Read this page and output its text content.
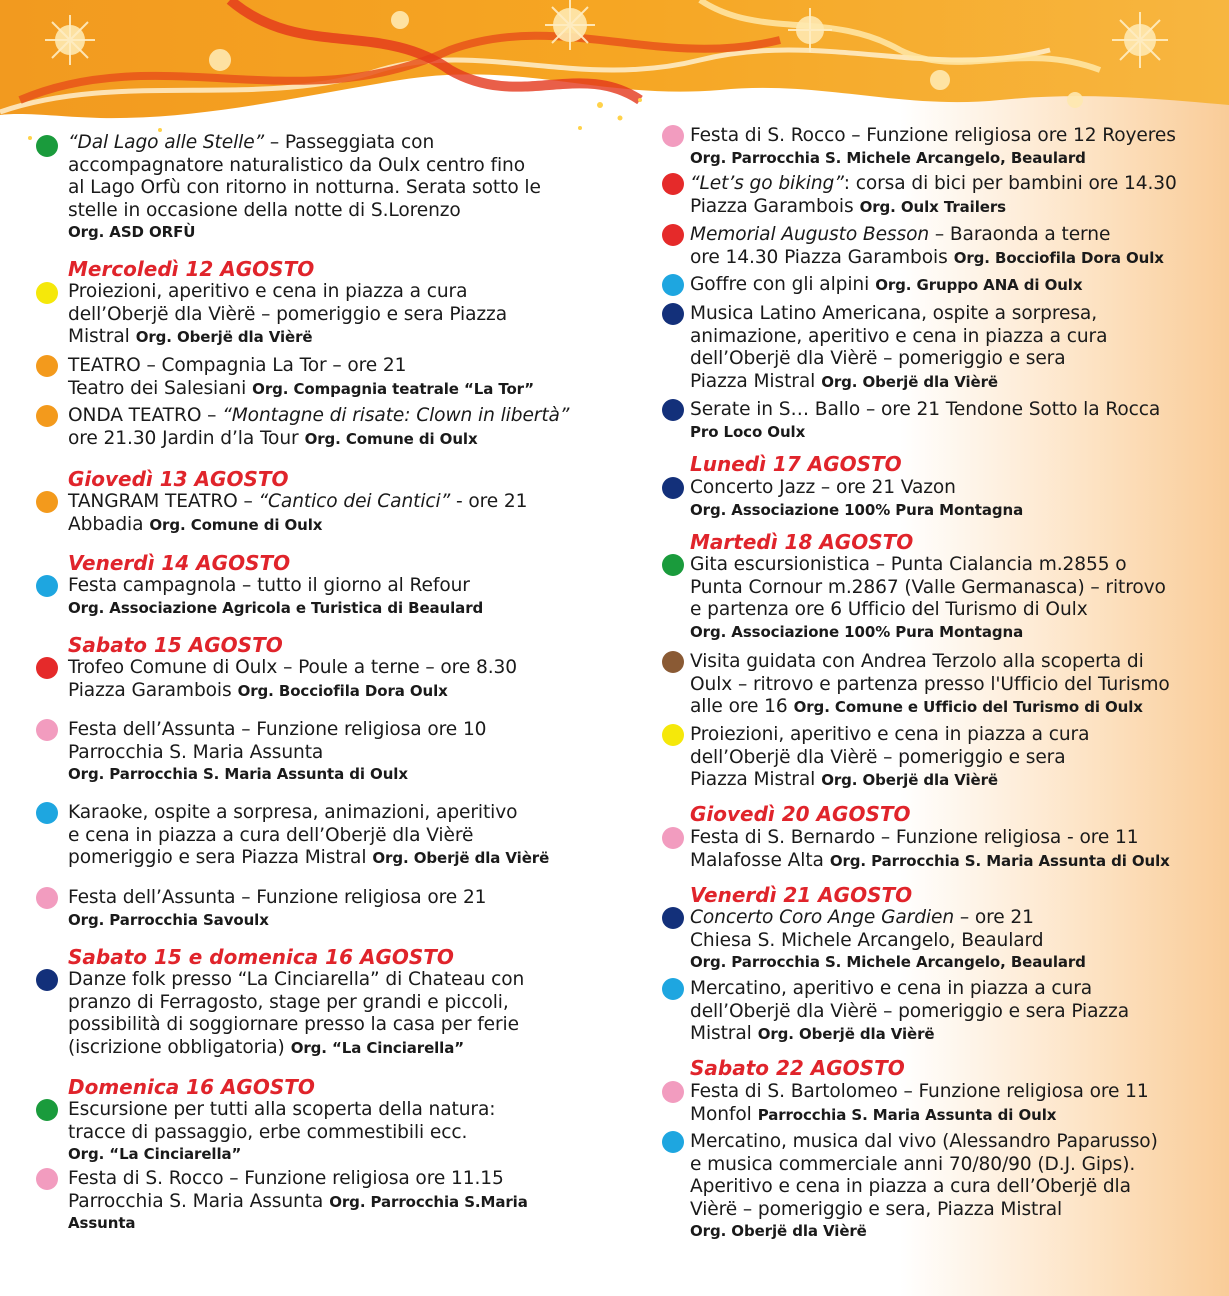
“Dal Lago alle Stelle” – Passeggiata con
accompagnatore naturalistico da Oulx centro fino
al Lago Orfù con ritorno in notturna. Serata sotto le
stelle in occasione della notte di S.Lorenzo
Org. ASD ORFÙ
Mercoledì 12 AGOSTO
Proiezioni, aperitivo e cena in piazza a cura
dell’Oberjë dla Vièrë – pomeriggio e sera Piazza
Mistral Org. Oberjë dla Vièrë
TEATRO – Compagnia La Tor – ore 21
Teatro dei Salesiani Org. Compagnia teatrale “La Tor”
ONDA TEATRO – “Montagne di risate: Clown in libertà”
ore 21.30 Jardin d’la Tour Org. Comune di Oulx
Giovedì 13 AGOSTO
TANGRAM TEATRO – “Cantico dei Cantici” - ore 21
Abbadia Org. Comune di Oulx
Venerdì 14 AGOSTO
Festa campagnola – tutto il giorno al Refour
Org. Associazione Agricola e Turistica di Beaulard
Sabato 15 AGOSTO
Trofeo Comune di Oulx – Poule a terne – ore 8.30
Piazza Garambois Org. Bocciofila Dora Oulx
Festa dell’Assunta – Funzione religiosa ore 10
Parrocchia S. Maria Assunta
Org. Parrocchia S. Maria Assunta di Oulx
Karaoke, ospite a sorpresa, animazioni, aperitivo
e cena in piazza a cura dell’Oberjë dla Vièrë
pomeriggio e sera Piazza Mistral Org. Oberjë dla Vièrë
Festa dell’Assunta – Funzione religiosa ore 21
Org. Parrocchia Savoulx
Sabato 15 e domenica 16 AGOSTO
Danze folk presso “La Cinciarella” di Chateau con
pranzo di Ferragosto, stage per grandi e piccoli,
possibilità di soggiornare presso la casa per ferie
(iscrizione obbligatoria) Org. “La Cinciarella”
Domenica 16 AGOSTO
Escursione per tutti alla scoperta della natura:
tracce di passaggio, erbe commestibili ecc.
Org. “La Cinciarella”
Festa di S. Rocco – Funzione religiosa ore 11.15
Parrocchia S. Maria Assunta Org. Parrocchia S.Maria
Assunta
Festa di S. Rocco – Funzione religiosa ore 12 Royeres
Org. Parrocchia S. Michele Arcangelo, Beaulard
“Let’s go biking”: corsa di bici per bambini ore 14.30
Piazza Garambois Org. Oulx Trailers
Memorial Augusto Besson – Baraonda a terne
ore 14.30 Piazza Garambois Org. Bocciofila Dora Oulx
Goffre con gli alpini Org. Gruppo ANA di Oulx
Musica Latino Americana, ospite a sorpresa,
animazione, aperitivo e cena in piazza a cura
dell’Oberjë dla Vièrë – pomeriggio e sera
Piazza Mistral Org. Oberjë dla Vièrë
Serate in S… Ballo – ore 21 Tendone Sotto la Rocca
Pro Loco Oulx
Lunedì 17 AGOSTO
Concerto Jazz – ore 21 Vazon
Org. Associazione 100% Pura Montagna
Martedì 18 AGOSTO
Gita escursionistica – Punta Cialancia m.2855 o
Punta Cornour m.2867 (Valle Germanasca) – ritrovo
e partenza ore 6 Ufficio del Turismo di Oulx
Org. Associazione 100% Pura Montagna
Visita guidata con Andrea Terzolo alla scoperta di
Oulx – ritrovo e partenza presso l'Ufficio del Turismo
alle ore 16 Org. Comune e Ufficio del Turismo di Oulx
Proiezioni, aperitivo e cena in piazza a cura
dell’Oberjë dla Vièrë – pomeriggio e sera
Piazza Mistral Org. Oberjë dla Vièrë
Giovedì 20 AGOSTO
Festa di S. Bernardo – Funzione religiosa - ore 11
Malafosse Alta Org. Parrocchia S. Maria Assunta di Oulx
Venerdì 21 AGOSTO
Concerto Coro Ange Gardien – ore 21
Chiesa S. Michele Arcangelo, Beaulard
Org. Parrocchia S. Michele Arcangelo, Beaulard
Mercatino, aperitivo e cena in piazza a cura
dell’Oberjë dla Vièrë – pomeriggio e sera Piazza
Mistral Org. Oberjë dla Vièrë
Sabato 22 AGOSTO
Festa di S. Bartolomeo – Funzione religiosa ore 11
Monfol Parrocchia S. Maria Assunta di Oulx
Mercatino, musica dal vivo (Alessandro Paparusso)
e musica commerciale anni 70/80/90 (D.J. Gips).
Aperitivo e cena in piazza a cura dell’Oberjë dla
Vièrë – pomeriggio e sera, Piazza Mistral
Org. Oberjë dla Vièrë
